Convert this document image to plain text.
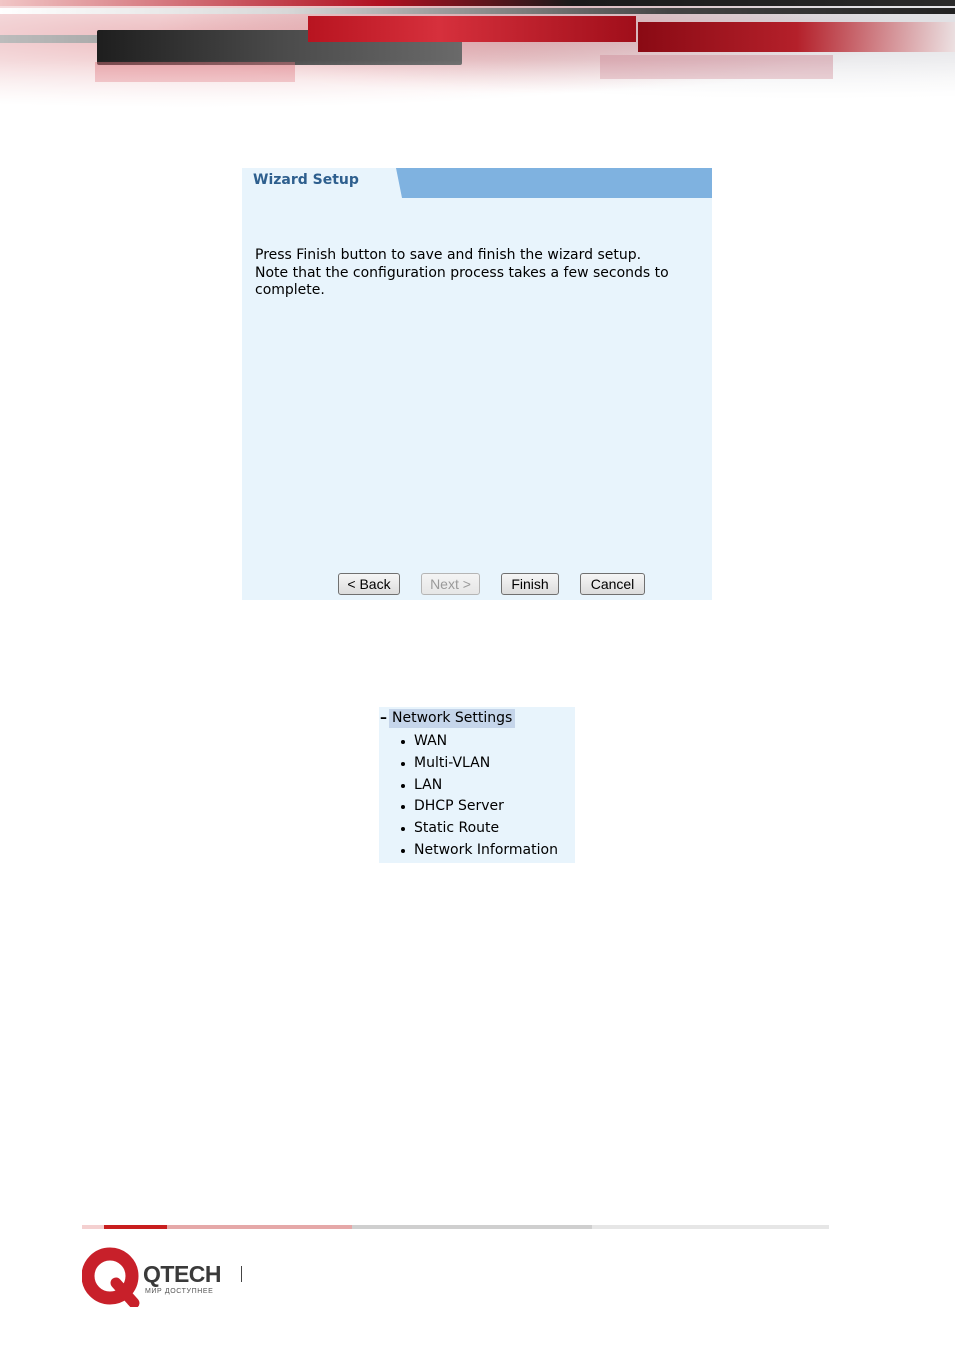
Wizard Setup
Press Finish button to save and finish the wizard setup.
Note that the configuration process takes a few seconds to
complete.
< Back	Next >	Finish	Cancel
– Network Settings
WAN
Multi-VLAN
LAN
DHCP Server
Static Route
Network Information
QTECH
МИР ДОСТУПНЕЕ
